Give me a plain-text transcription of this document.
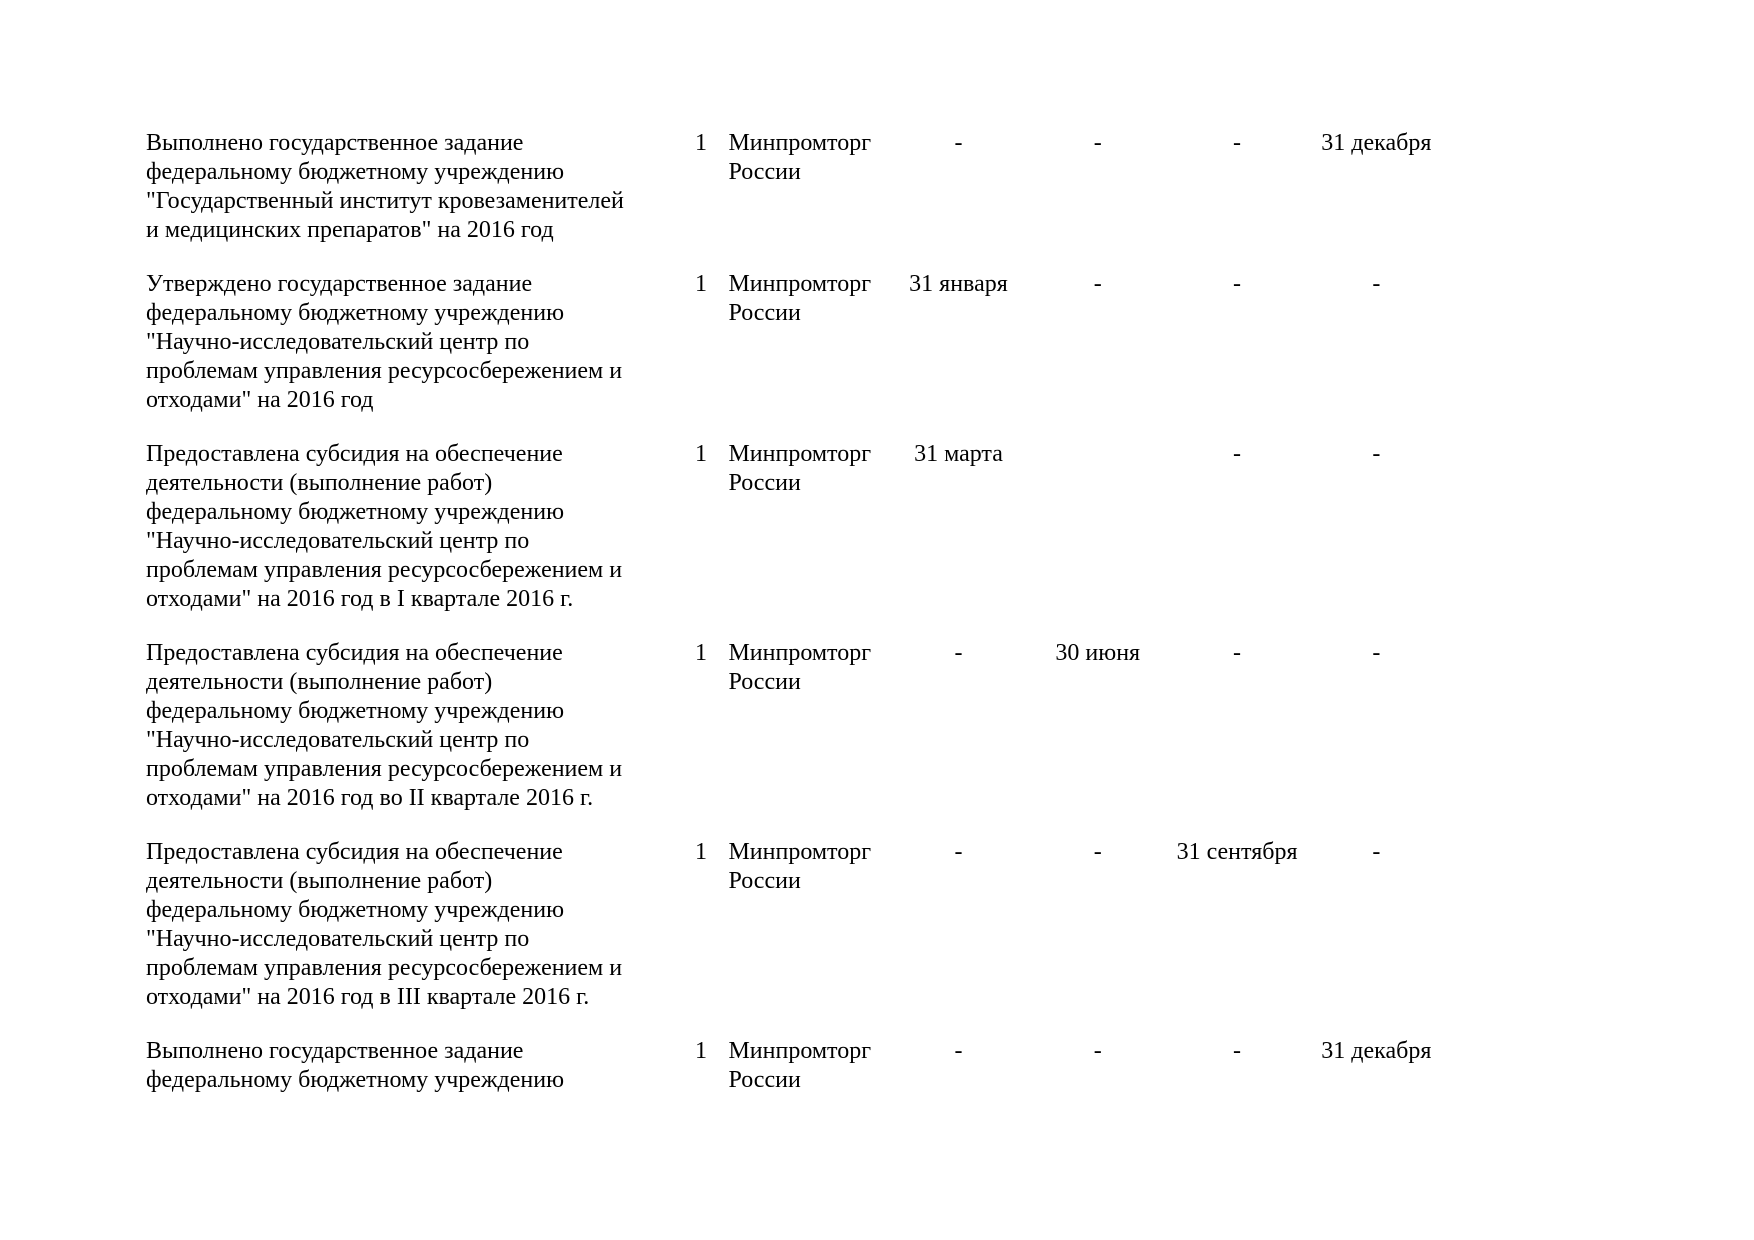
Выполнено государственное задание федеральному бюджетному учреждению "Государственный институт кровезаменителей и медицинских препаратов" на 2016 год	1	Минпромторг России	-	-	-	31 декабря

Утверждено государственное задание федеральному бюджетному учреждению "Научно-исследовательский центр по проблемам управления ресурсосбережением и отходами" на 2016 год	1	Минпромторг России	31 января	-	-	-

Предоставлена субсидия на обеспечение деятельности (выполнение работ) федеральному бюджетному учреждению "Научно-исследовательский центр по проблемам управления ресурсосбережением и отходами" на 2016 год в I квартале 2016 г.	1	Минпромторг России	31 марта		-	-

Предоставлена субсидия на обеспечение деятельности (выполнение работ) федеральному бюджетному учреждению "Научно-исследовательский центр по проблемам управления ресурсосбережением и отходами" на 2016 год во II квартале 2016 г.	1	Минпромторг России	-	30 июня	-	-

Предоставлена субсидия на обеспечение деятельности (выполнение работ) федеральному бюджетному учреждению "Научно-исследовательский центр по проблемам управления ресурсосбережением и отходами" на 2016 год в III квартале 2016 г.	1	Минпромторг России	-	-	31 сентября	-

Выполнено государственное задание федеральному бюджетному учреждению	1	Минпромторг России	-	-	-	31 декабря
